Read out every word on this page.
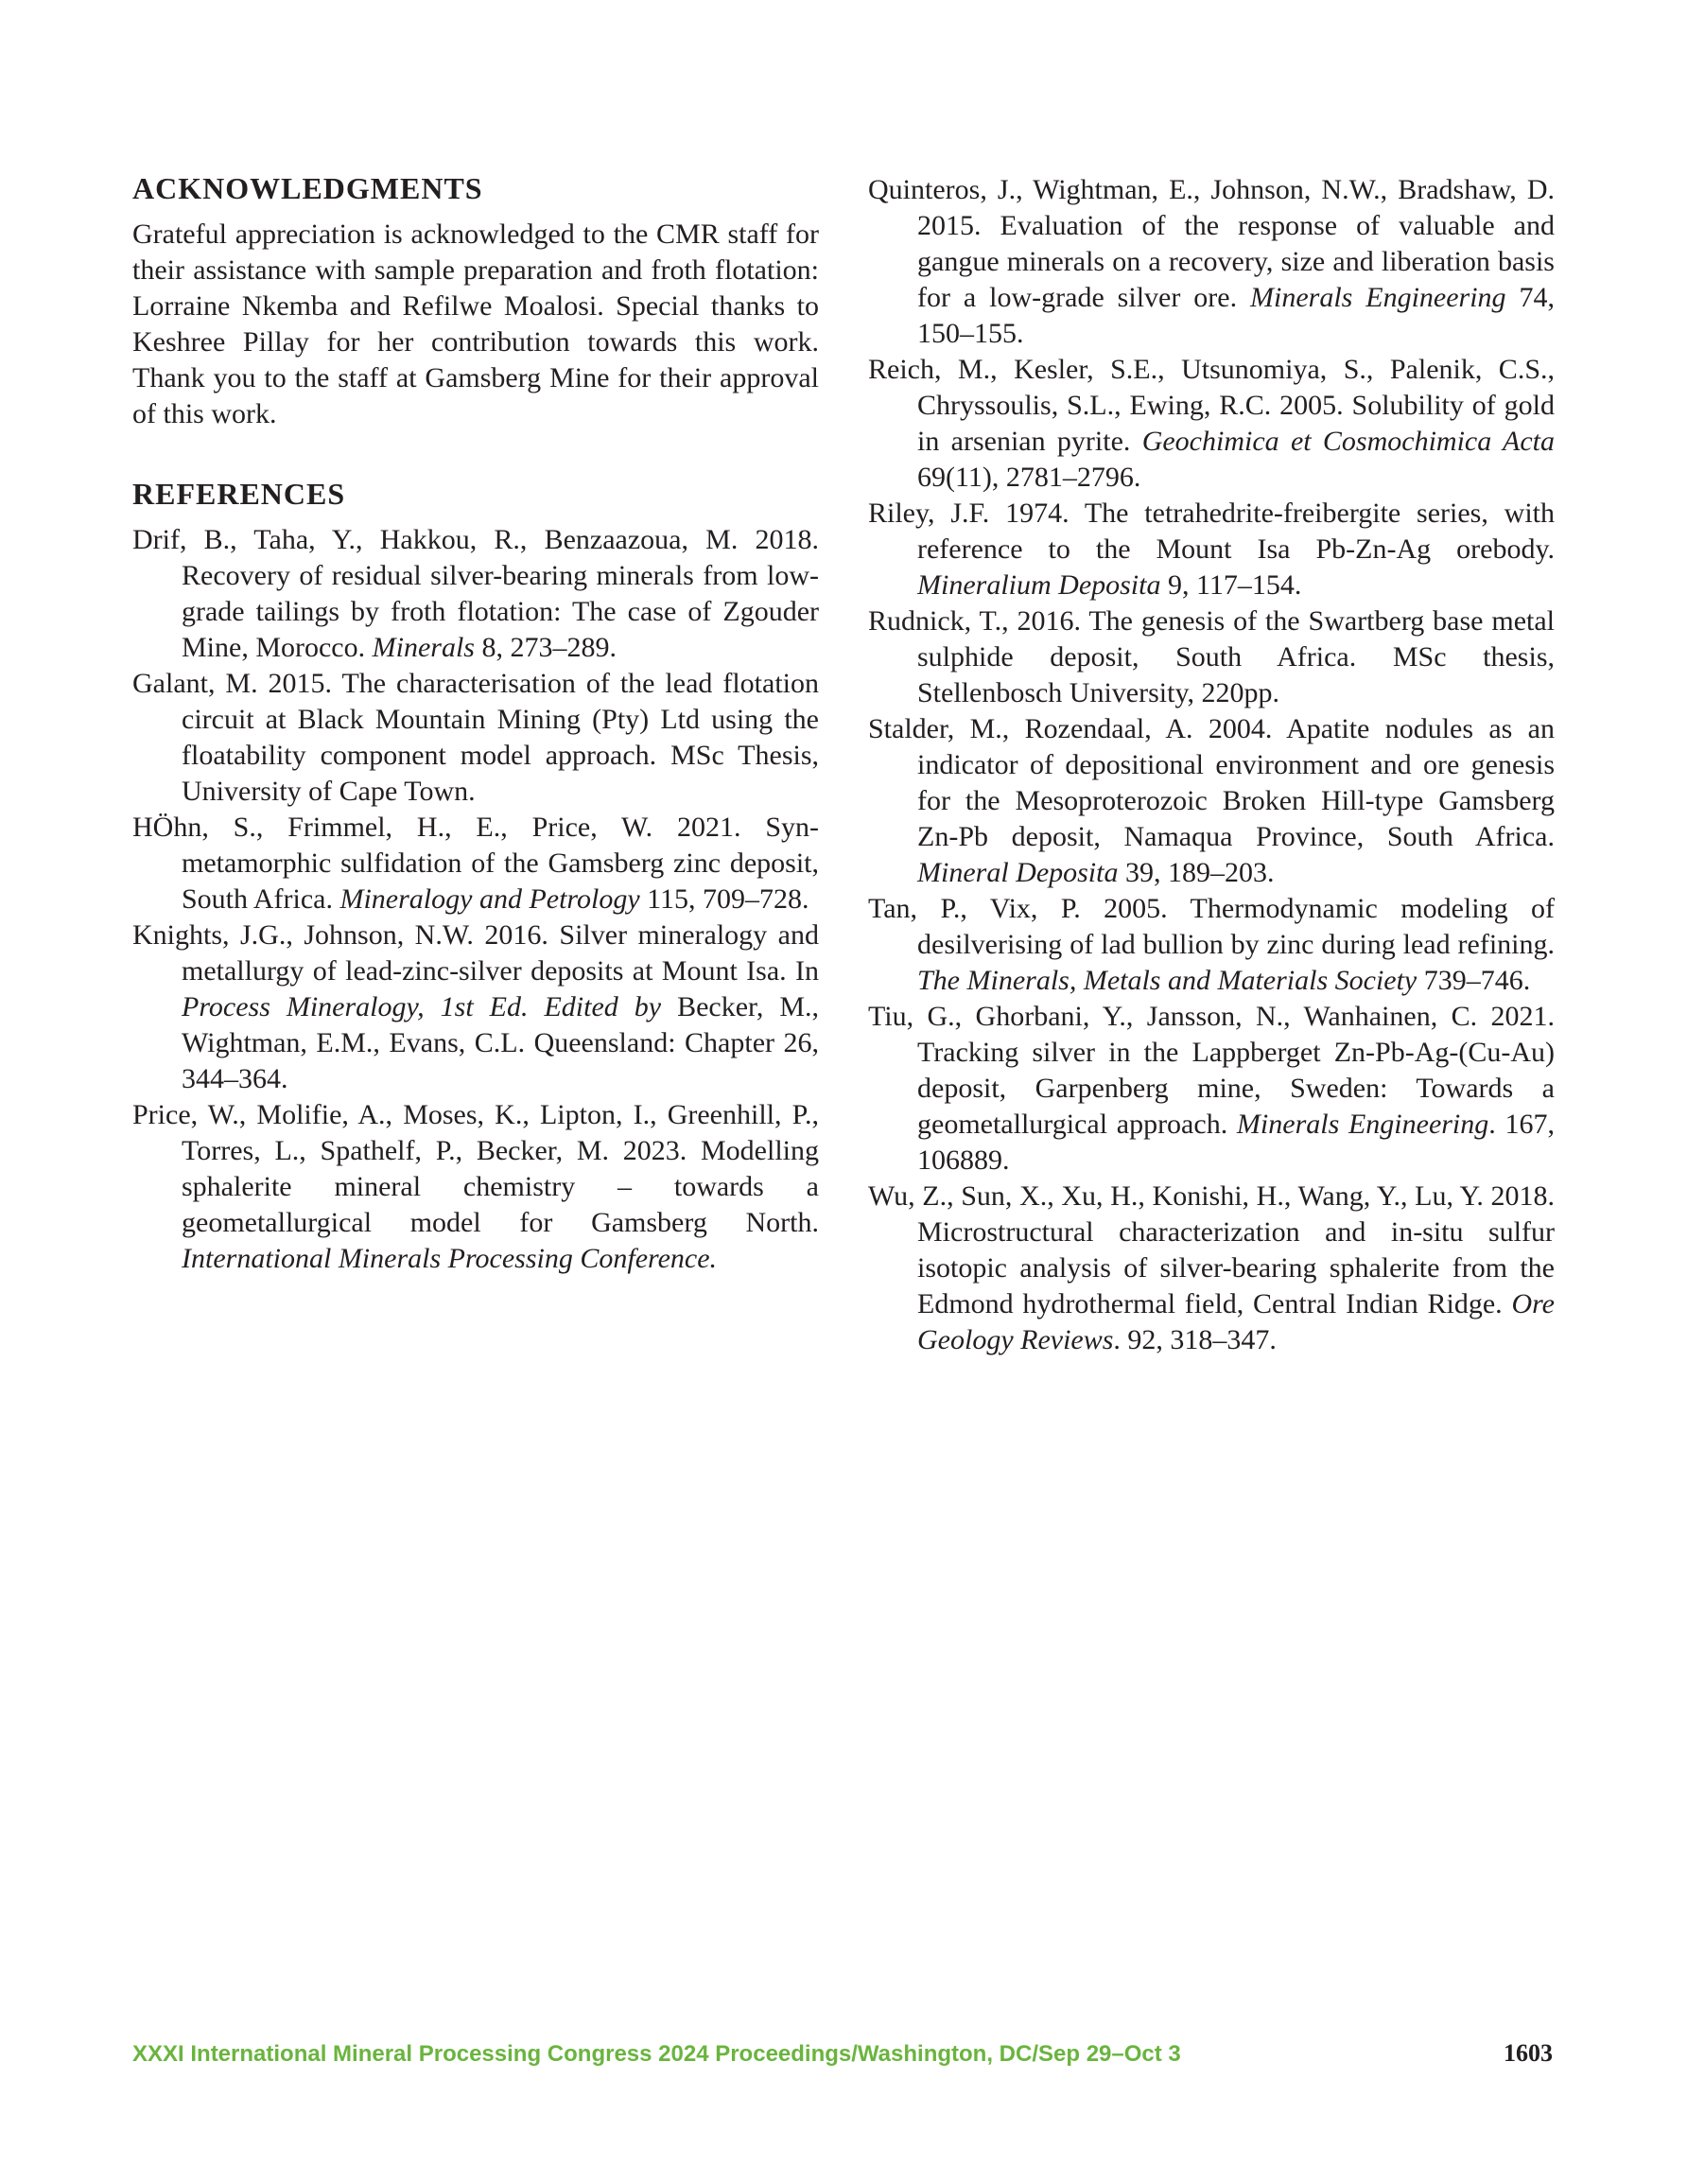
ACKNOWLEDGMENTS

Grateful appreciation is acknowledged to the CMR staff for their assistance with sample preparation and froth flotation: Lorraine Nkemba and Refilwe Moalosi. Special thanks to Keshree Pillay for her contribution towards this work. Thank you to the staff at Gamsberg Mine for their approval of this work.

REFERENCES

Drif, B., Taha, Y., Hakkou, R., Benzaazoua, M. 2018. Recovery of residual silver-bearing minerals from low-grade tailings by froth flotation: The case of Zgouder Mine, Morocco. Minerals 8, 273–289.

Galant, M. 2015. The characterisation of the lead flotation circuit at Black Mountain Mining (Pty) Ltd using the floatability component model approach. MSc Thesis, University of Cape Town.

HÖhn, S., Frimmel, H., E., Price, W. 2021. Syn-metamorphic sulfidation of the Gamsberg zinc deposit, South Africa. Mineralogy and Petrology 115, 709–728.

Knights, J.G., Johnson, N.W. 2016. Silver mineralogy and metallurgy of lead-zinc-silver deposits at Mount Isa. In Process Mineralogy, 1st Ed. Edited by Becker, M., Wightman, E.M., Evans, C.L. Queensland: Chapter 26, 344–364.

Price, W., Molifie, A., Moses, K., Lipton, I., Greenhill, P., Torres, L., Spathelf, P., Becker, M. 2023. Modelling sphalerite mineral chemistry – towards a geometallurgical model for Gamsberg North. International Minerals Processing Conference.

Quinteros, J., Wightman, E., Johnson, N.W., Bradshaw, D. 2015. Evaluation of the response of valuable and gangue minerals on a recovery, size and liberation basis for a low-grade silver ore. Minerals Engineering 74, 150–155.

Reich, M., Kesler, S.E., Utsunomiya, S., Palenik, C.S., Chryssoulis, S.L., Ewing, R.C. 2005. Solubility of gold in arsenian pyrite. Geochimica et Cosmochimica Acta 69(11), 2781–2796.

Riley, J.F. 1974. The tetrahedrite-freibergite series, with reference to the Mount Isa Pb-Zn-Ag orebody. Mineralium Deposita 9, 117–154.

Rudnick, T., 2016. The genesis of the Swartberg base metal sulphide deposit, South Africa. MSc thesis, Stellenbosch University, 220pp.

Stalder, M., Rozendaal, A. 2004. Apatite nodules as an indicator of depositional environment and ore genesis for the Mesoproterozoic Broken Hill-type Gamsberg Zn-Pb deposit, Namaqua Province, South Africa. Mineral Deposita 39, 189–203.

Tan, P., Vix, P. 2005. Thermodynamic modeling of desilverising of lad bullion by zinc during lead refining. The Minerals, Metals and Materials Society 739–746.

Tiu, G., Ghorbani, Y., Jansson, N., Wanhainen, C. 2021. Tracking silver in the Lappberget Zn-Pb-Ag-(Cu-Au) deposit, Garpenberg mine, Sweden: Towards a geometallurgical approach. Minerals Engineering. 167, 106889.

Wu, Z., Sun, X., Xu, H., Konishi, H., Wang, Y., Lu, Y. 2018. Microstructural characterization and in-situ sulfur isotopic analysis of silver-bearing sphalerite from the Edmond hydrothermal field, Central Indian Ridge. Ore Geology Reviews. 92, 318–347.

XXXI International Mineral Processing Congress 2024 Proceedings/Washington, DC/Sep 29–Oct 3	1603
